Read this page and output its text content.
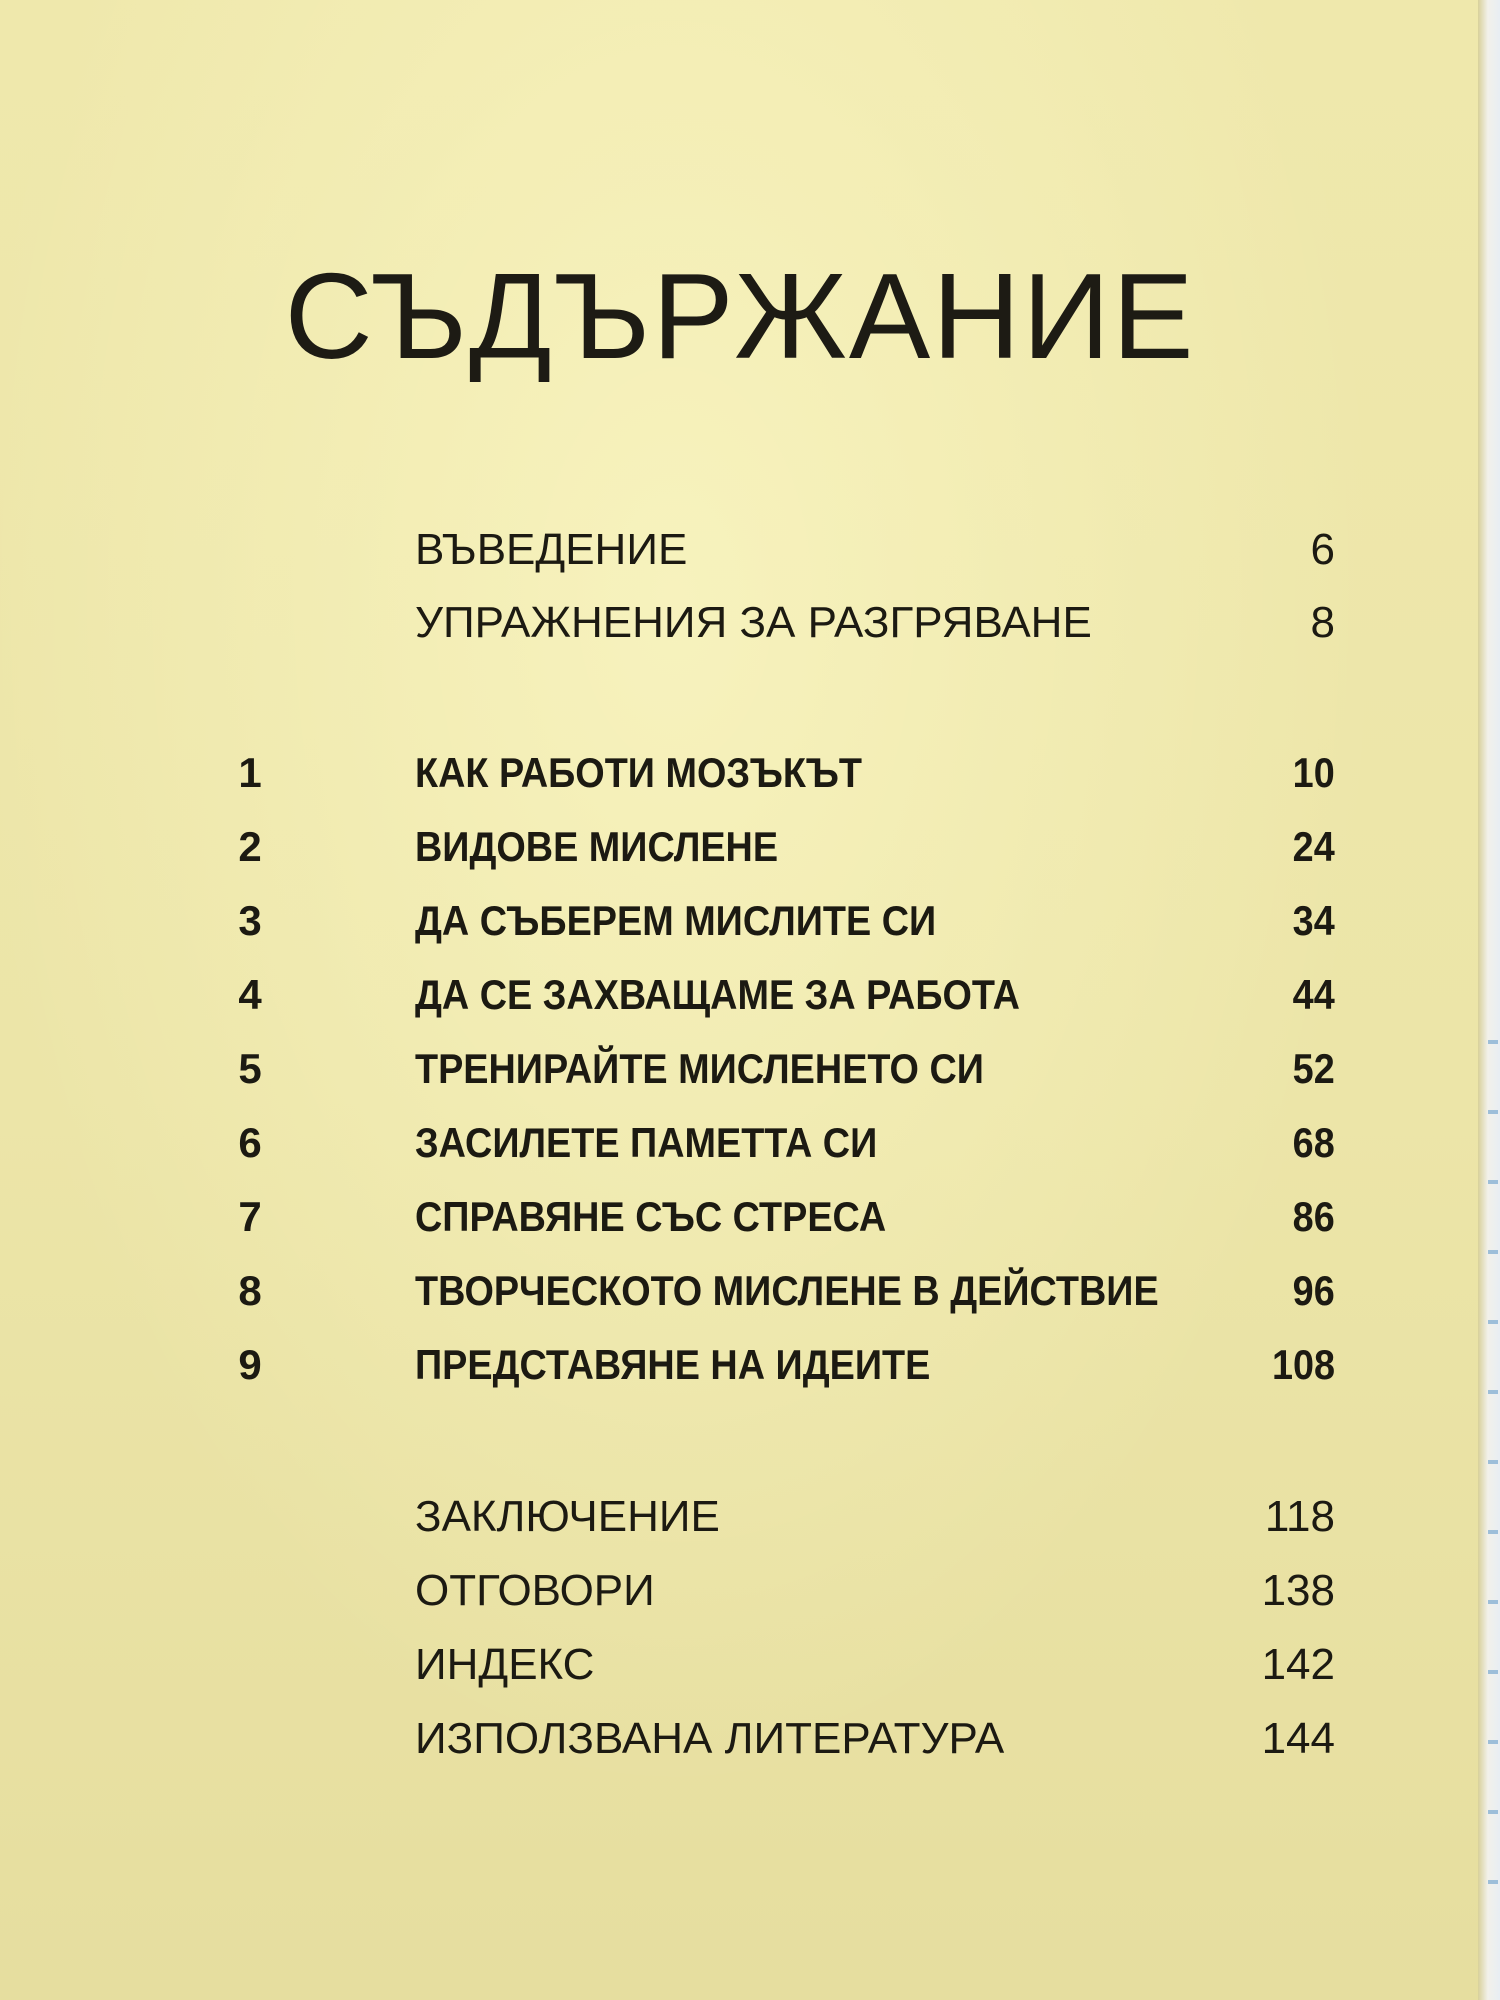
СЪДЪРЖАНИЕ
ВЪВЕДЕНИЕ	6
УПРАЖНЕНИЯ ЗА РАЗГРЯВАНЕ	8
1	КАК РАБОТИ МОЗЪКЪТ	10
2	ВИДОВЕ МИСЛЕНЕ	24
3	ДА СЪБЕРЕМ МИСЛИТЕ СИ	34
4	ДА СЕ ЗАХВАЩАМЕ ЗА РАБОТА	44
5	ТРЕНИРАЙТЕ МИСЛЕНЕТО СИ	52
6	ЗАСИЛЕТЕ ПАМЕТТА СИ	68
7	СПРАВЯНЕ СЪС СТРЕСА	86
8	ТВОРЧЕСКОТО МИСЛЕНЕ В ДЕЙСТВИЕ	96
9	ПРЕДСТАВЯНЕ НА ИДЕИТЕ	108
ЗАКЛЮЧЕНИЕ	118
ОТГОВОРИ	138
ИНДЕКС	142
ИЗПОЛЗВАНА ЛИТЕРАТУРА	144
